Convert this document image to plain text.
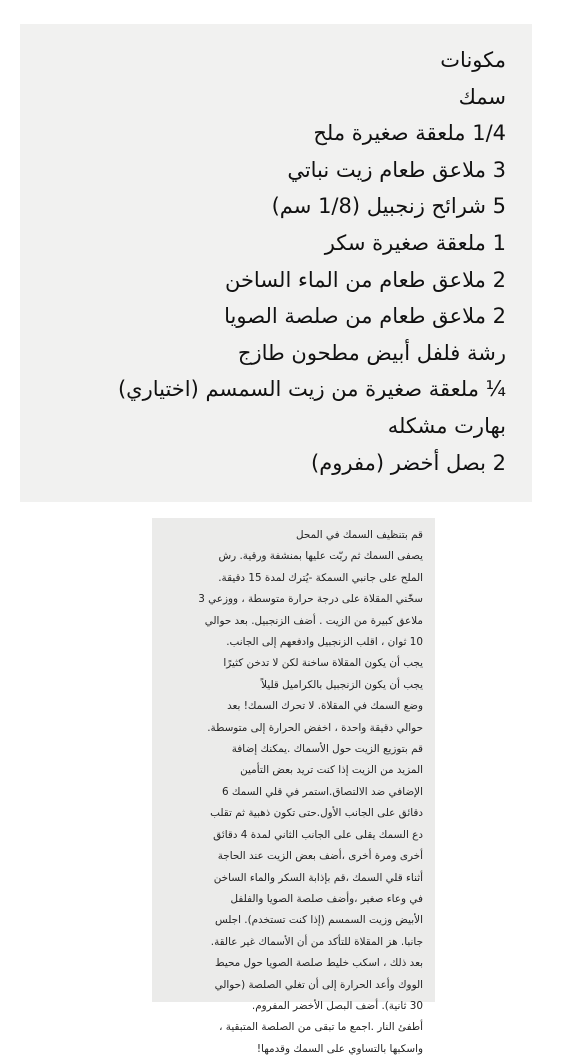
مكونات
سمك
1/4 ملعقة صغيرة ملح
3 ملاعق طعام زيت نباتي
5 شرائح زنجبيل (1/8 سم)
1 ملعقة صغيرة سكر
2 ملاعق طعام من الماء الساخن
2 ملاعق طعام من صلصة الصويا
رشة فلفل أبيض مطحون طازج
¼ ملعقة صغيرة من زيت السمسم (اختياري)
بهارت مشكله
2 بصل أخضر (مفروم)
قم بتنظيف السمك في المحل
يصفى السمك ثم ربّت عليها بمنشفة ورقية. رش
الملح على جانبي السمكة -يُترك لمدة 15 دقيقة.
سخّني المقلاة على درجة حرارة متوسطة ، ووزعي 3
ملاعق كبيرة من الزيت . أضف الزنجبيل. بعد حوالي
10 ثوان ، اقلب الزنجبيل وادفعهم إلى الجانب.
يجب أن يكون المقلاة ساخنة لكن لا تدخن كثيرًا
يجب أن يكون الزنجبيل بالكراميل قليلاً
وضع السمك في المقلاة. لا تحرك السمك! بعد
حوالي دقيقة واحدة ، اخفض الحرارة إلى متوسطة.
قم بتوزيع الزيت حول الأسماك .يمكنك إضافة
المزيد من الزيت إذا كنت تريد بعض التأمين
الإضافي ضد الالتصاق.استمر في قلي السمك 6
دقائق على الجانب الأول.حتى تكون ذهبية ثم تقلب
دع السمك يقلى على الجانب الثاني لمدة 4 دقائق
أخرى ومرة أخرى ،أضف بعض الزيت عند الحاجة
أثناء قلي السمك ،قم بإذابة السكر والماء الساخن
في وعاء صغير ،وأضف صلصة الصويا والفلفل
الأبيض وزيت السمسم (إذا كنت تستخدم). اجلس
جانبا. هز المقلاة للتأكد من أن الأسماك غير عالقة.
بعد ذلك ، اسكب خليط صلصة الصويا حول محيط
الووك وأعد الحرارة إلى أن تغلي الصلصة (حوالي
30 ثانية). أضف البصل الأخضر المفروم.
أطفئ النار .اجمع ما تبقى من الصلصة المتبقية ،
واسكبها بالتساوي على السمك وقدمها!
